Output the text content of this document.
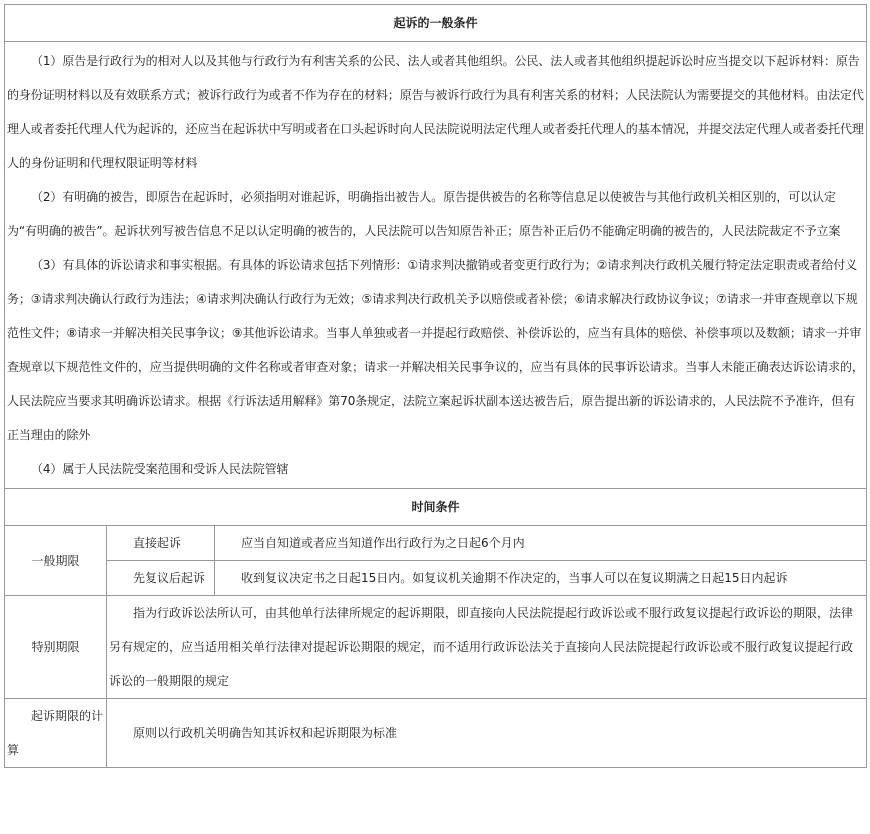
起诉的一般条件		

（1）原告是行政行为的相对人以及其他与行政行为有利害关系的公民、法人或者其他组织。公民、法人或者其他组织提起诉讼时应当提交以下起诉材料：原告的身份证明材料以及有效联系方式；被诉行政行为或者不作为存在的材料；原告与被诉行政行为具有利害关系的材料；人民法院认为需要提交的其他材料。由法定代理人或者委托代理人代为起诉的，还应当在起诉状中写明或者在口头起诉时向人民法院说明法定代理人或者委托代理人的基本情况，并提交法定代理人或者委托代理人的身份证明和代理权限证明等材料
（2）有明确的被告，即原告在起诉时，必须指明对谁起诉，明确指出被告人。原告提供被告的名称等信息足以使被告与其他行政机关相区别的，可以认定为“有明确的被告”。起诉状列写被告信息不足以认定明确的被告的，人民法院可以告知原告补正；原告补正后仍不能确定明确的被告的，人民法院裁定不予立案
（3）有具体的诉讼请求和事实根据。有具体的诉讼请求包括下列情形：①请求判决撤销或者变更行政行为；②请求判决行政机关履行特定法定职责或者给付义务；③请求判决确认行政行为违法；④请求判决确认行政行为无效；⑤请求判决行政机关予以赔偿或者补偿；⑥请求解决行政协议争议；⑦请求一并审查规章以下规范性文件；⑧请求一并解决相关民事争议；⑨其他诉讼请求。当事人单独或者一并提起行政赔偿、补偿诉讼的，应当有具体的赔偿、补偿事项以及数额；请求一并审查规章以下规范性文件的，应当提供明确的文件名称或者审查对象；请求一并解决相关民事争议的，应当有具体的民事诉讼请求。当事人未能正确表达诉讼请求的，人民法院应当要求其明确诉讼请求。根据《行诉法适用解释》第70条规定，法院立案起诉状副本送达被告后，原告提出新的诉讼请求的，人民法院不予准许，但有正当理由的除外
（4）属于人民法院受案范围和受诉人民法院管辖		

时间条件		
一般期限	直接起诉	应当自知道或者应当知道作出行政行为之日起6个月内
	先复议后起诉	收到复议决定书之日起15日内。如复议机关逾期不作决定的，当事人可以在复议期满之日起15日内起诉
特别期限	指为行政诉讼法所认可，由其他单行法律所规定的起诉期限，即直接向人民法院提起行政诉讼或不服行政复议提起行政诉讼的期限，法律另有规定的，应当适用相关单行法律对提起诉讼期限的规定，而不适用行政诉讼法关于直接向人民法院提起行政诉讼或不服行政复议提起行政诉讼的一般期限的规定	
起诉期限的计算	原则以行政机关明确告知其诉权和起诉期限为标准	
